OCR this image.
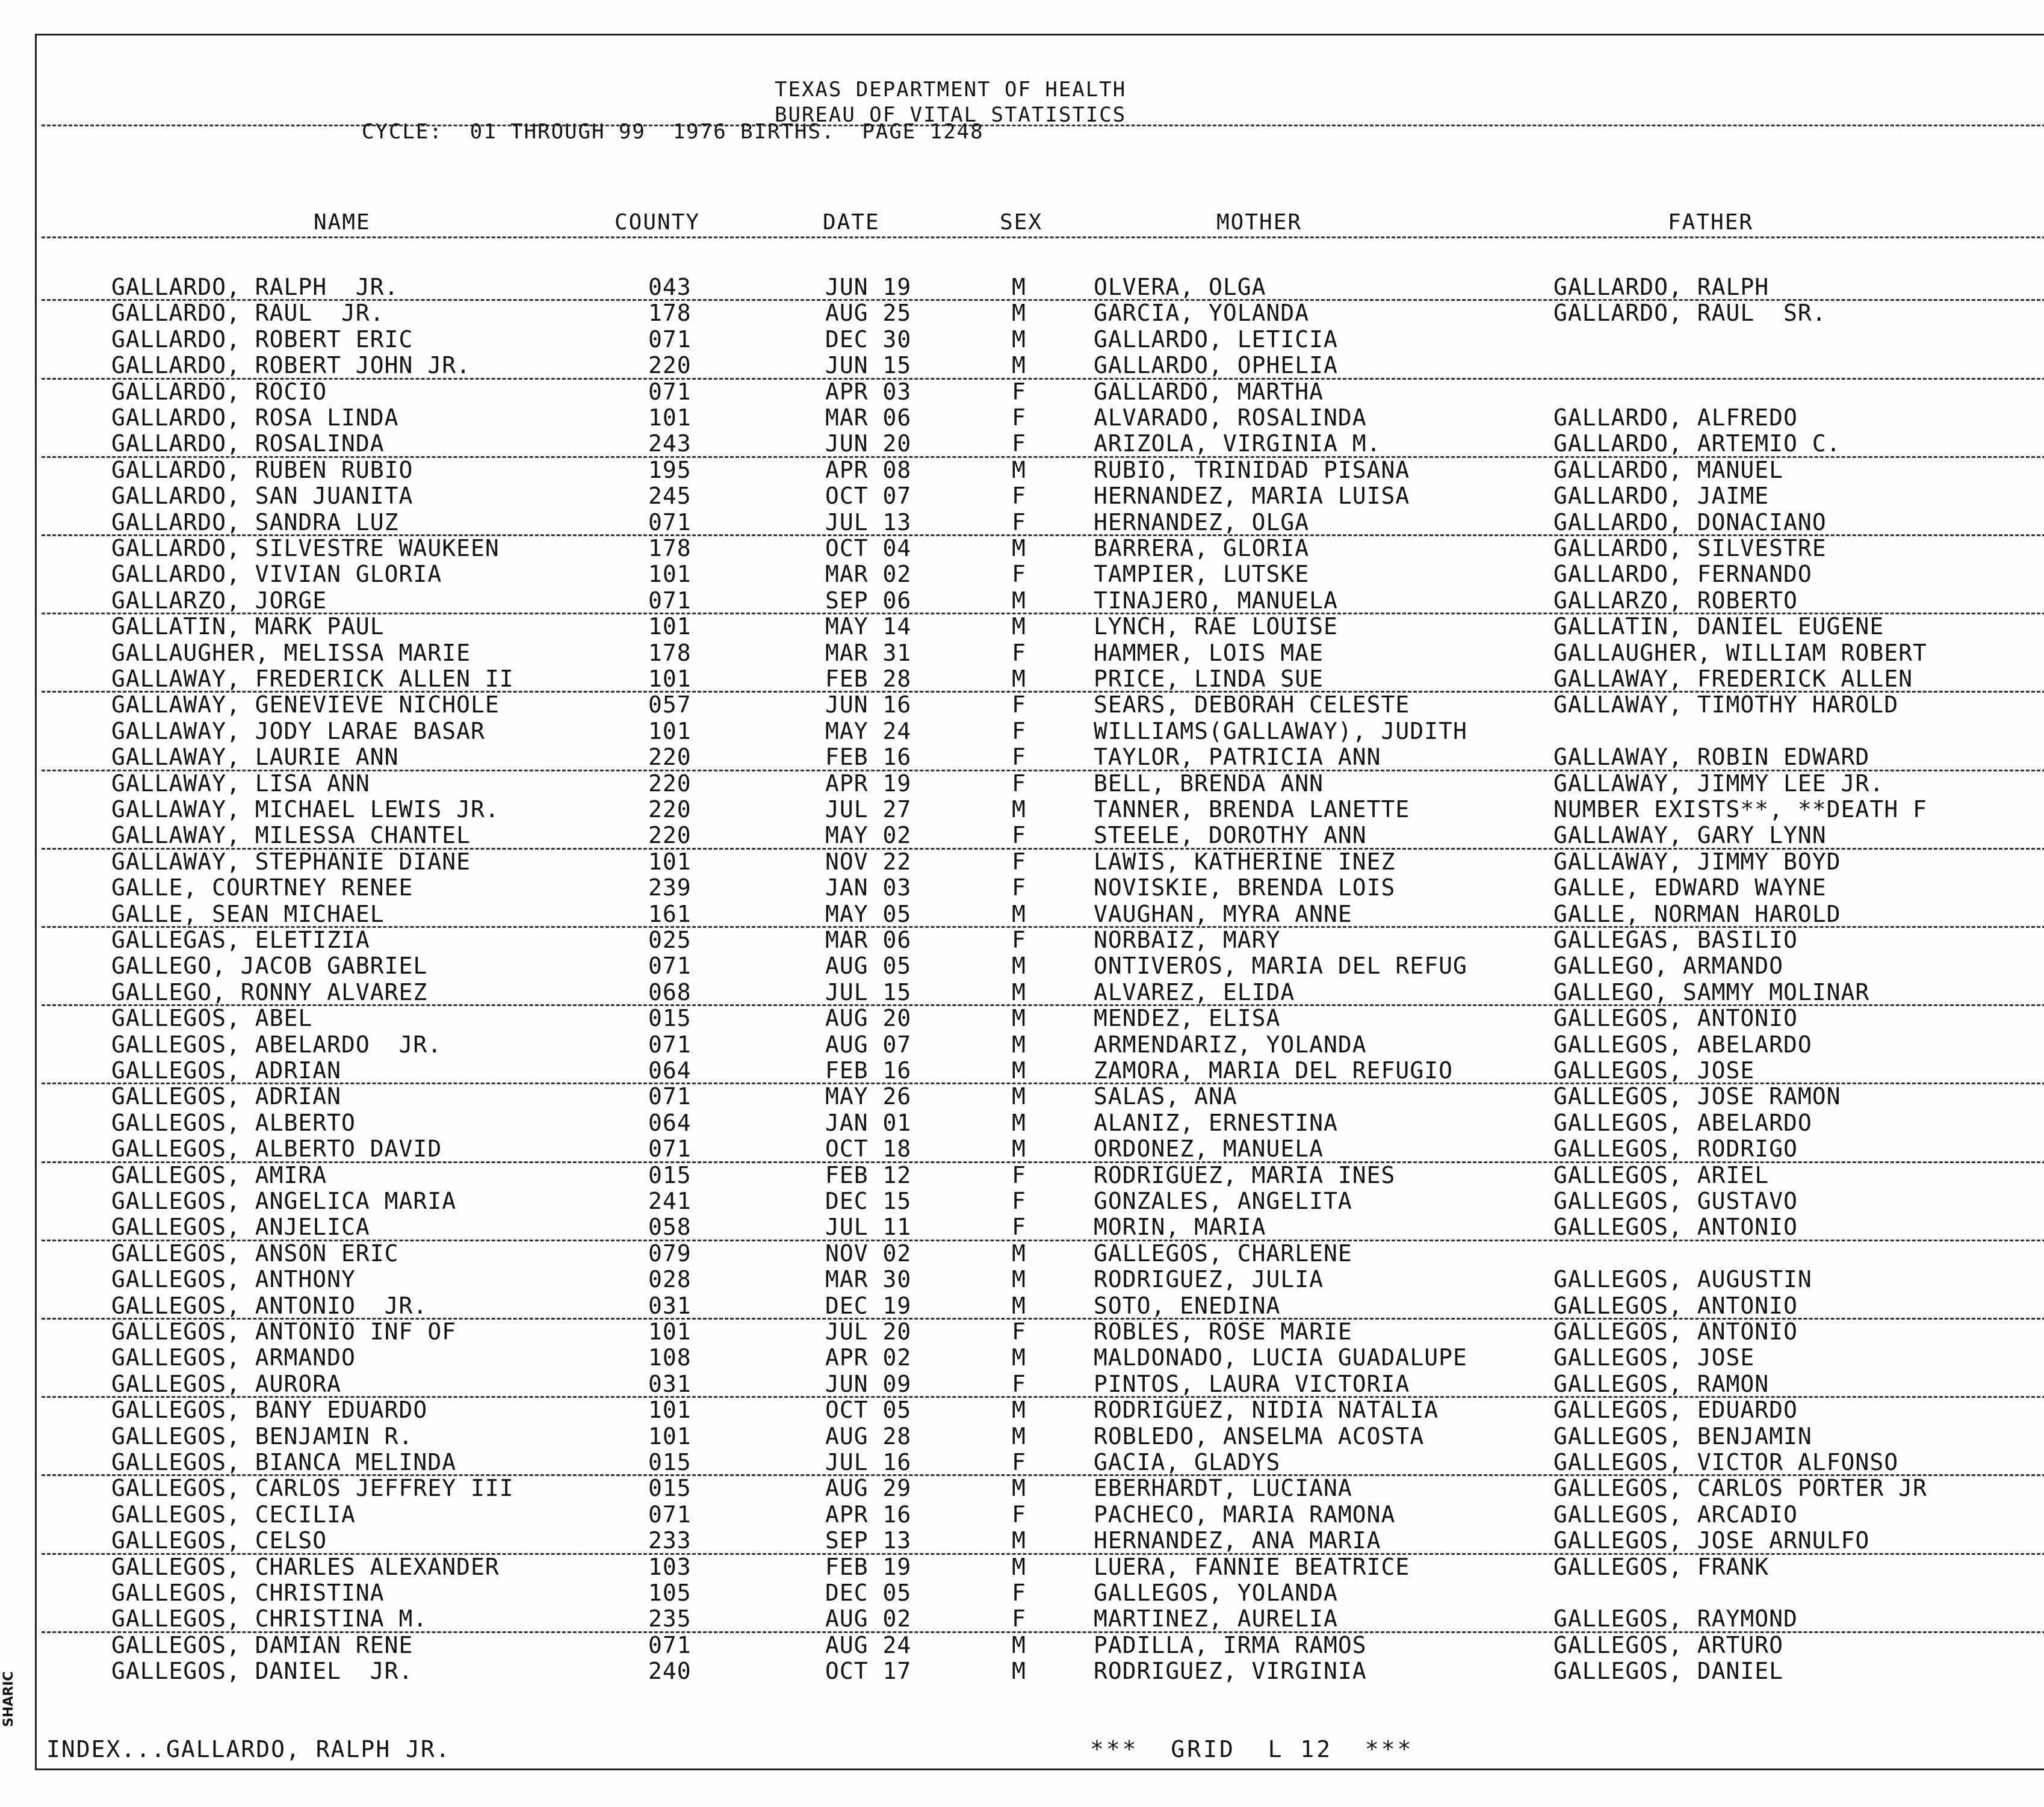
TEXAS DEPARTMENT OF HEALTH
BUREAU OF VITAL STATISTICS
CYCLE:  01 THROUGH 99  1976 BIRTHS.  PAGE 1248
NAME	COUNTY	DATE	SEX	MOTHER	FATHER
GALLARDO, RALPH  JR.	043	JUN 19	M	OLVERA, OLGA	GALLARDO, RALPH
GALLARDO, RAUL  JR.	178	AUG 25	M	GARCIA, YOLANDA	GALLARDO, RAUL  SR.
GALLARDO, ROBERT ERIC	071	DEC 30	M	GALLARDO, LETICIA
GALLARDO, ROBERT JOHN JR.	220	JUN 15	M	GALLARDO, OPHELIA
GALLARDO, ROCIO	071	APR 03	F	GALLARDO, MARTHA
GALLARDO, ROSA LINDA	101	MAR 06	F	ALVARADO, ROSALINDA	GALLARDO, ALFREDO
GALLARDO, ROSALINDA	243	JUN 20	F	ARIZOLA, VIRGINIA M.	GALLARDO, ARTEMIO C.
GALLARDO, RUBEN RUBIO	195	APR 08	M	RUBIO, TRINIDAD PISANA	GALLARDO, MANUEL
GALLARDO, SAN JUANITA	245	OCT 07	F	HERNANDEZ, MARIA LUISA	GALLARDO, JAIME
GALLARDO, SANDRA LUZ	071	JUL 13	F	HERNANDEZ, OLGA	GALLARDO, DONACIANO
GALLARDO, SILVESTRE WAUKEEN	178	OCT 04	M	BARRERA, GLORIA	GALLARDO, SILVESTRE
GALLARDO, VIVIAN GLORIA	101	MAR 02	F	TAMPIER, LUTSKE	GALLARDO, FERNANDO
GALLARZO, JORGE	071	SEP 06	M	TINAJERO, MANUELA	GALLARZO, ROBERTO
GALLATIN, MARK PAUL	101	MAY 14	M	LYNCH, RAE LOUISE	GALLATIN, DANIEL EUGENE
GALLAUGHER, MELISSA MARIE	178	MAR 31	F	HAMMER, LOIS MAE	GALLAUGHER, WILLIAM ROBERT
GALLAWAY, FREDERICK ALLEN II	101	FEB 28	M	PRICE, LINDA SUE	GALLAWAY, FREDERICK ALLEN
GALLAWAY, GENEVIEVE NICHOLE	057	JUN 16	F	SEARS, DEBORAH CELESTE	GALLAWAY, TIMOTHY HAROLD
GALLAWAY, JODY LARAE BASAR	101	MAY 24	F	WILLIAMS(GALLAWAY), JUDITH
GALLAWAY, LAURIE ANN	220	FEB 16	F	TAYLOR, PATRICIA ANN	GALLAWAY, ROBIN EDWARD
GALLAWAY, LISA ANN	220	APR 19	F	BELL, BRENDA ANN	GALLAWAY, JIMMY LEE JR.
GALLAWAY, MICHAEL LEWIS JR.	220	JUL 27	M	TANNER, BRENDA LANETTE	NUMBER EXISTS**, **DEATH F
GALLAWAY, MILESSA CHANTEL	220	MAY 02	F	STEELE, DOROTHY ANN	GALLAWAY, GARY LYNN
GALLAWAY, STEPHANIE DIANE	101	NOV 22	F	LAWIS, KATHERINE INEZ	GALLAWAY, JIMMY BOYD
GALLE, COURTNEY RENEE	239	JAN 03	F	NOVISKIE, BRENDA LOIS	GALLE, EDWARD WAYNE
GALLE, SEAN MICHAEL	161	MAY 05	M	VAUGHAN, MYRA ANNE	GALLE, NORMAN HAROLD
GALLEGAS, ELETIZIA	025	MAR 06	F	NORBAIZ, MARY	GALLEGAS, BASILIO
GALLEGO, JACOB GABRIEL	071	AUG 05	M	ONTIVEROS, MARIA DEL REFUG	GALLEGO, ARMANDO
GALLEGO, RONNY ALVAREZ	068	JUL 15	M	ALVAREZ, ELIDA	GALLEGO, SAMMY MOLINAR
GALLEGOS, ABEL	015	AUG 20	M	MENDEZ, ELISA	GALLEGOS, ANTONIO
GALLEGOS, ABELARDO  JR.	071	AUG 07	M	ARMENDARIZ, YOLANDA	GALLEGOS, ABELARDO
GALLEGOS, ADRIAN	064	FEB 16	M	ZAMORA, MARIA DEL REFUGIO	GALLEGOS, JOSE
GALLEGOS, ADRIAN	071	MAY 26	M	SALAS, ANA	GALLEGOS, JOSE RAMON
GALLEGOS, ALBERTO	064	JAN 01	M	ALANIZ, ERNESTINA	GALLEGOS, ABELARDO
GALLEGOS, ALBERTO DAVID	071	OCT 18	M	ORDONEZ, MANUELA	GALLEGOS, RODRIGO
GALLEGOS, AMIRA	015	FEB 12	F	RODRIGUEZ, MARIA INES	GALLEGOS, ARIEL
GALLEGOS, ANGELICA MARIA	241	DEC 15	F	GONZALES, ANGELITA	GALLEGOS, GUSTAVO
GALLEGOS, ANJELICA	058	JUL 11	F	MORIN, MARIA	GALLEGOS, ANTONIO
GALLEGOS, ANSON ERIC	079	NOV 02	M	GALLEGOS, CHARLENE
GALLEGOS, ANTHONY	028	MAR 30	M	RODRIGUEZ, JULIA	GALLEGOS, AUGUSTIN
GALLEGOS, ANTONIO  JR.	031	DEC 19	M	SOTO, ENEDINA	GALLEGOS, ANTONIO
GALLEGOS, ANTONIO INF OF	101	JUL 20	F	ROBLES, ROSE MARIE	GALLEGOS, ANTONIO
GALLEGOS, ARMANDO	108	APR 02	M	MALDONADO, LUCIA GUADALUPE	GALLEGOS, JOSE
GALLEGOS, AURORA	031	JUN 09	F	PINTOS, LAURA VICTORIA	GALLEGOS, RAMON
GALLEGOS, BANY EDUARDO	101	OCT 05	M	RODRIGUEZ, NIDIA NATALIA	GALLEGOS, EDUARDO
GALLEGOS, BENJAMIN R.	101	AUG 28	M	ROBLEDO, ANSELMA ACOSTA	GALLEGOS, BENJAMIN
GALLEGOS, BIANCA MELINDA	015	JUL 16	F	GACIA, GLADYS	GALLEGOS, VICTOR ALFONSO
GALLEGOS, CARLOS JEFFREY III	015	AUG 29	M	EBERHARDT, LUCIANA	GALLEGOS, CARLOS PORTER JR
GALLEGOS, CECILIA	071	APR 16	F	PACHECO, MARIA RAMONA	GALLEGOS, ARCADIO
GALLEGOS, CELSO	233	SEP 13	M	HERNANDEZ, ANA MARIA	GALLEGOS, JOSE ARNULFO
GALLEGOS, CHARLES ALEXANDER	103	FEB 19	M	LUERA, FANNIE BEATRICE	GALLEGOS, FRANK
GALLEGOS, CHRISTINA	105	DEC 05	F	GALLEGOS, YOLANDA
GALLEGOS, CHRISTINA M.	235	AUG 02	F	MARTINEZ, AURELIA	GALLEGOS, RAYMOND
GALLEGOS, DAMIAN RENE	071	AUG 24	M	PADILLA, IRMA RAMOS	GALLEGOS, ARTURO
GALLEGOS, DANIEL  JR.	240	OCT 17	M	RODRIGUEZ, VIRGINIA	GALLEGOS, DANIEL
INDEX...GALLARDO, RALPH JR.	***  GRID  L 12  ***
SHARIC
